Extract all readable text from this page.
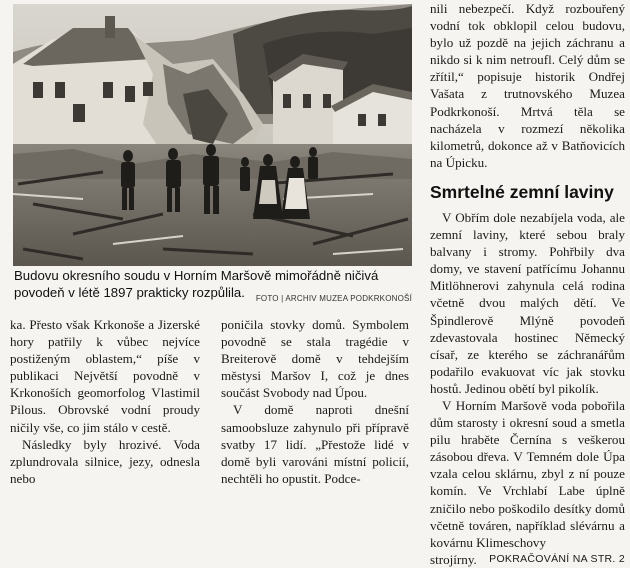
Budovu okresního soudu v Horním Maršově mimořádně ničivá povodeň v létě 1897 prakticky rozpůlila. FOTO | ARCHIV MUZEA PODKRKONOŠÍ

ka. Přesto však Krkonoše a Jizerské hory patřily k vůbec nejvíce postiženým oblastem,“ píše v publikaci Největší povodně v Krkonoších geomorfolog Vlastimil Pilous. Obrovské vodní proudy ničily vše, co jim stálo v cestě.

Následky byly hrozivé. Voda zplundrovala silnice, jezy, odnesla nebo

poničila stovky domů. Symbolem povodně se stala tragédie v Breiterově domě v tehdejším městysi Maršov I, což je dnes součást Svobody nad Úpou.

V domě naproti dnešní samoobsluze zahynulo při přípravě svatby 17 lidí. „Přestože lidé v domě byli varováni místní policií, nechtěli ho opustit. Podce-

nili nebezpečí. Když rozbouřený vodní tok obklopil celou budovu, bylo už pozdě na jejich záchranu a nikdo si k nim netroufl. Celý dům se zřítil,“ popisuje historik Ondřej Vašata z trutnovského Muzea Podkrkonoší. Mrtvá těla se nacházela v rozmezí několika kilometrů, dokonce až v Batňovicích na Úpicku.

Smrtelné zemní laviny

V Obřím dole nezabíjela voda, ale zemní laviny, které sebou braly balvany i stromy. Pohřbily dva domy, ve stavení patřícímu Johannu Mitlöhnerovi zahynula celá rodina včetně dvou malých dětí. Ve Špindlerově Mlýně povodeň zdevastovala hostinec Německý císař, ze kterého se záchranářům podařilo evakuovat víc jak stovku hostů. Jedinou obětí byl pikolík.

V Horním Maršově voda pobořila dům starosty i okresní soud a smetla pilu hraběte Černína s veškerou zásobou dřeva. V Temném dole Úpa vzala celou sklárnu, zbyl z ní pouze komín. Ve Vrchlabí Labe úplně zničilo nebo poškodilo desítky domů včetně továren, například slévárnu a kovárnu Klimeschovy

strojírny. POKRAČOVÁNÍ NA STR. 2
